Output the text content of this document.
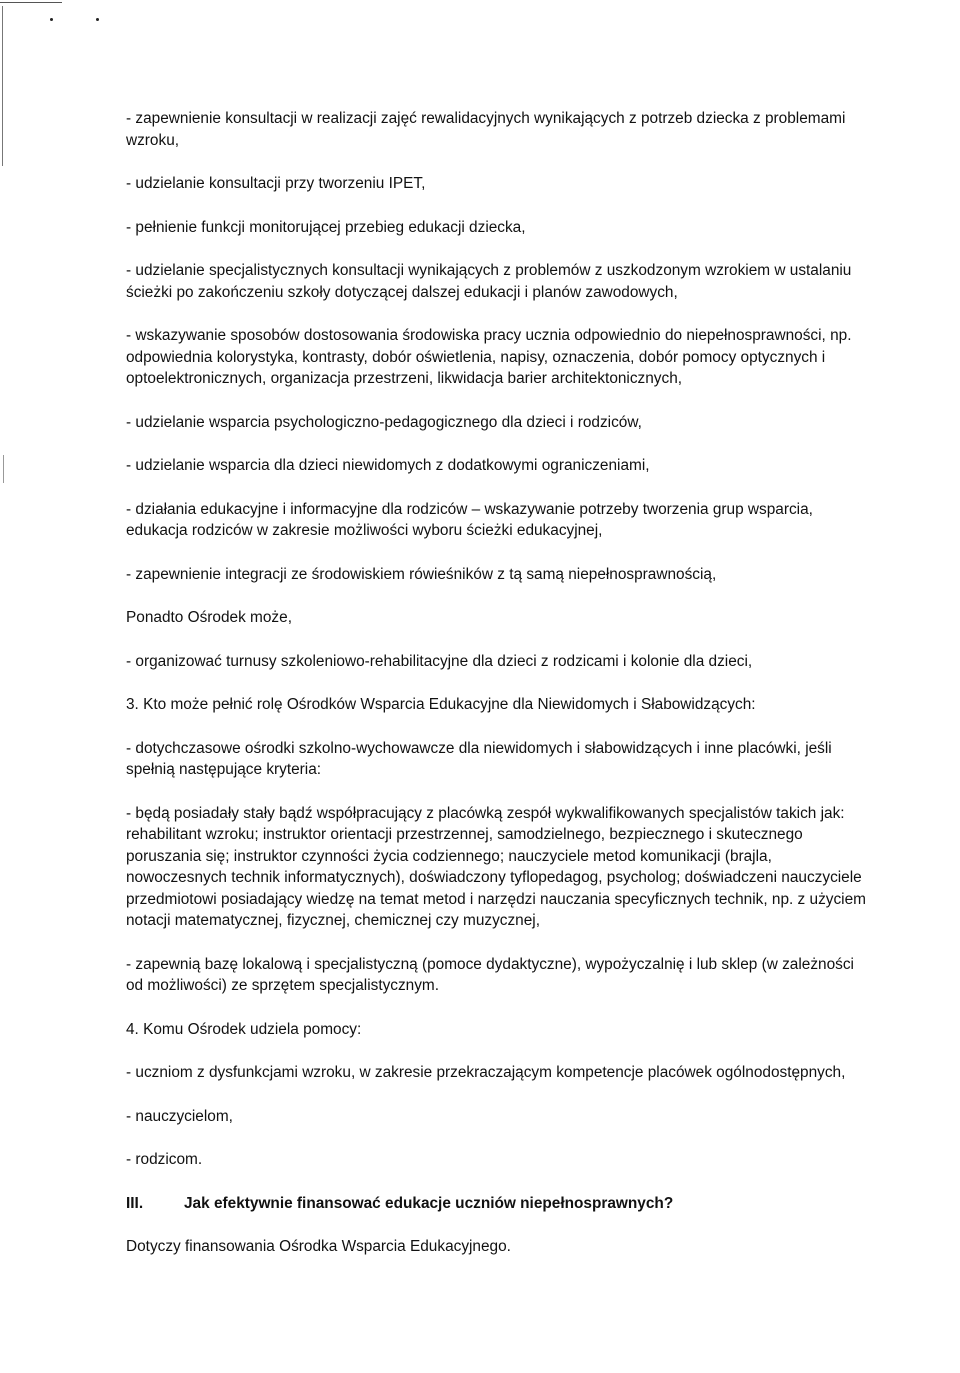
- zapewnienie konsultacji w realizacji zajęć rewalidacyjnych wynikających z potrzeb dziecka z problemami wzroku,

- udzielanie konsultacji przy tworzeniu IPET,

- pełnienie funkcji monitorującej przebieg edukacji dziecka,

- udzielanie specjalistycznych konsultacji wynikających z problemów z uszkodzonym wzrokiem w ustalaniu ścieżki po zakończeniu szkoły dotyczącej dalszej edukacji i planów zawodowych,

- wskazywanie sposobów dostosowania środowiska pracy ucznia odpowiednio do niepełnosprawności, np. odpowiednia kolorystyka, kontrasty, dobór oświetlenia, napisy, oznaczenia, dobór pomocy optycznych i optoelektronicznych, organizacja przestrzeni, likwidacja barier architektonicznych,

- udzielanie wsparcia psychologiczno-pedagogicznego dla dzieci i rodziców,

- udzielanie wsparcia dla dzieci niewidomych z dodatkowymi ograniczeniami,

- działania edukacyjne i informacyjne dla rodziców – wskazywanie potrzeby tworzenia grup wsparcia, edukacja rodziców w zakresie możliwości wyboru ścieżki edukacyjnej,

- zapewnienie integracji ze środowiskiem rówieśników z tą samą niepełnosprawnością,

Ponadto Ośrodek może,

- organizować turnusy szkoleniowo-rehabilitacyjne dla dzieci z rodzicami i kolonie dla dzieci,

3. Kto może pełnić rolę Ośrodków Wsparcia Edukacyjne dla Niewidomych i Słabowidzących:

- dotychczasowe ośrodki szkolno-wychowawcze dla niewidomych i słabowidzących i inne placówki, jeśli spełnią następujące kryteria:

- będą posiadały stały bądź współpracujący z placówką zespół wykwalifikowanych specjalistów takich jak: rehabilitant wzroku; instruktor orientacji przestrzennej, samodzielnego, bezpiecznego i skutecznego poruszania się; instruktor czynności życia codziennego; nauczyciele metod komunikacji (brajla, nowoczesnych technik informatycznych), doświadczony tyflopedagog, psycholog; doświadczeni nauczyciele przedmiotowi posiadający wiedzę na temat metod i narzędzi nauczania specyficznych technik, np. z użyciem notacji matematycznej, fizycznej, chemicznej czy muzycznej,

- zapewnią bazę lokalową i specjalistyczną (pomoce dydaktyczne), wypożyczalnię i lub sklep (w zależności od możliwości) ze sprzętem specjalistycznym.

4. Komu Ośrodek udziela pomocy:

- uczniom z dysfunkcjami wzroku, w zakresie przekraczającym kompetencje placówek ogólnodostępnych,

- nauczycielom,

- rodzicom.

III.	Jak efektywnie finansować edukacje uczniów niepełnosprawnych?

Dotyczy finansowania Ośrodka Wsparcia Edukacyjnego.
